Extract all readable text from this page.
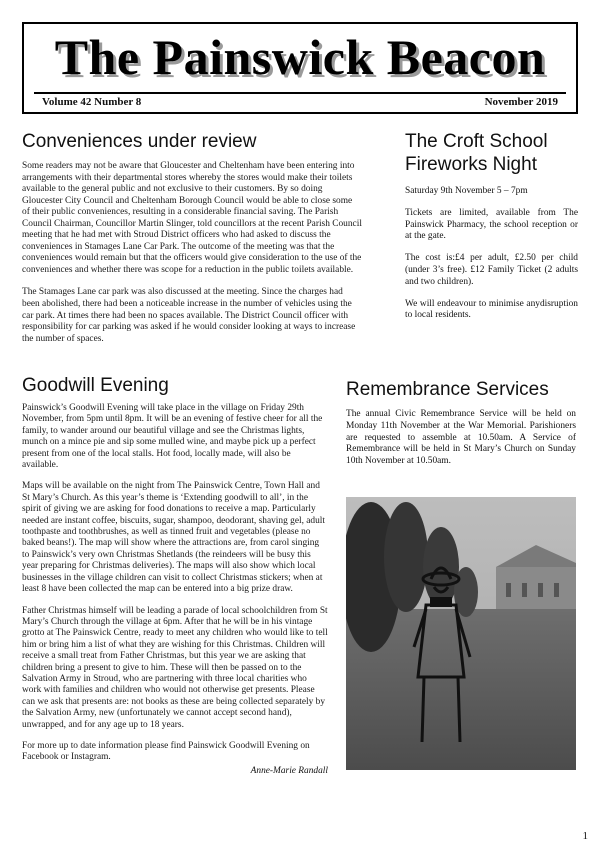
The Painswick Beacon
Volume 42 Number 8	November 2019
Conveniences under review

Some readers may not be aware that Gloucester and Cheltenham have been entering into arrangements with their departmental stores whereby the stores would make their toilets available to the general public and not exclusive to their customers. By so doing Gloucester City Council and Cheltenham Borough Council would be able to close some of their public conveniences, resulting in a considerable financial saving. The Parish Council Chairman, Councillor Martin Slinger, told councillors at the recent Parish Council meeting that he had met with Stroud District officers who had asked to discuss the conveniences in Stamages Lane Car Park. The outcome of the meeting was that the conveniences would remain but that the officers would give consideration to the use of the conveniences and whether there was scope for a reduction in the public toilets available.

The Stamages Lane car park was also discussed at the meeting. Since the charges had been abolished, there had been a noticeable increase in the number of vehicles using the car park. At times there had been no spaces available. The District Council officer with responsibility for car parking was asked if he would consider looking at ways to increase the number of spaces.

The Croft School Fireworks Night

Saturday 9th November 5 – 7pm

Tickets are limited, available from The Painswick Pharmacy, the school reception or at the gate.

The cost is:£4 per adult, £2.50 per child (under 3’s free). £12 Family Ticket (2 adults and two children).

We will endeavour to minimise anydisruption to local residents.

Goodwill Evening

Painswick’s Goodwill Evening will take place in the village on Friday 29th November, from 5pm until 8pm. It will be an evening of festive cheer for all the family, to wander around our beautiful village and see the Christmas lights, munch on a mince pie and sip some mulled wine, and maybe pick up a perfect present from one of the local stalls. Hot food, locally made, will also be available.

Maps will be available on the night from The Painswick Centre, Town Hall and St Mary’s Church. As this year’s theme is ‘Extending goodwill to all’, in the spirit of giving we are asking for food donations to receive a map. Particularly needed are instant coffee, biscuits, sugar, shampoo, deodorant, shaving gel, adult toothpaste and toothbrushes, as well as tinned fruit and vegetables (please no baked beans!). The map will show where the attractions are, from carol singing to Painswick’s very own Christmas Shetlands (the reindeers will be busy this year preparing for Christmas deliveries). The maps will also show which local businesses in the village children can visit to collect Christmas stickers; when at least 8 have been collected the map can be entered into a big prize draw.

Father Christmas himself will be leading a parade of local schoolchildren from St Mary’s Church through the village at 6pm. After that he will be in his vintage grotto at The Painswick Centre, ready to meet any children who would like to tell him or bring him a list of what they are wishing for this Christmas. Children will receive a small treat from Father Christmas, but this year we are asking that children bring a present to give to him. These will then be passed on to the Salvation Army in Stroud, who are partnering with three local charities who work with families and children who would not otherwise get presents. Please can we ask that presents are: not books as these are being collected separately by the Salvation Army, new (unfortunately we cannot accept second hand), unwrapped, and for any age up to 18 years.

For more up to date information please find Painswick Goodwill Evening on Facebook or Instagram.

Anne-Marie Randall
Remembrance Services

The annual Civic Remembrance Service will be held on Monday 11th November at the War Memorial. Parishioners are requested to assemble at 10.50am. A Service of Remembrance will be held in St Mary’s Church on Sunday 10th November at 10.50am.

1
